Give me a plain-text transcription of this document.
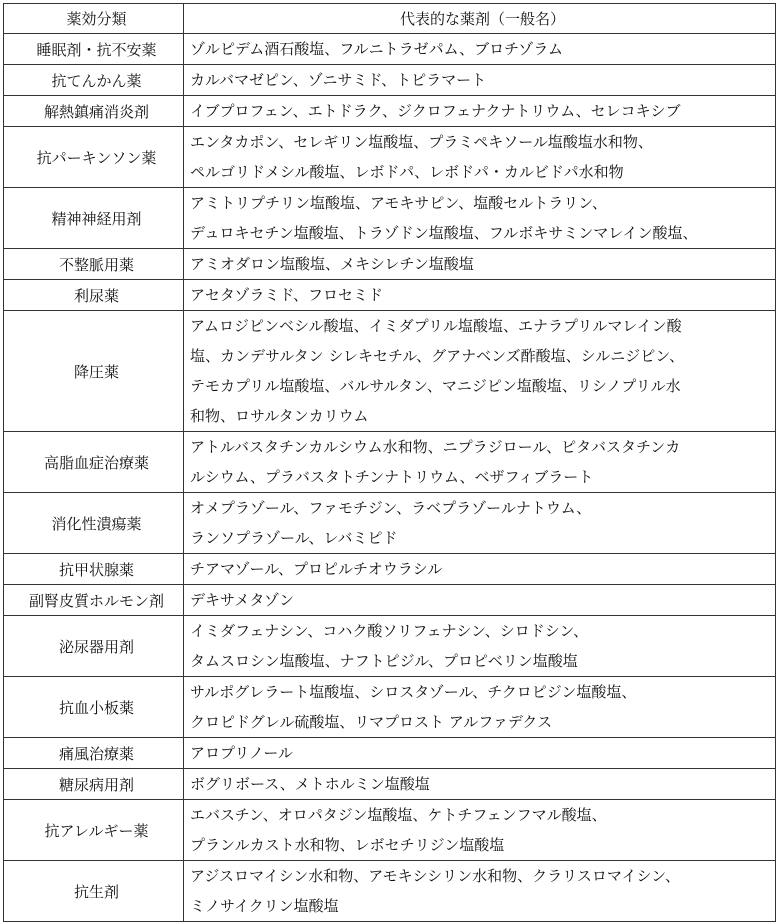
薬効分類	代表的な薬剤（一般名）
睡眠剤・抗不安薬	ゾルピデム酒石酸塩、フルニトラゼパム、ブロチゾラム

抗てんかん薬	カルバマゼピン、ゾニサミド、トピラマート

解熱鎮痛消炎剤	イブプロフェン、エトドラク、ジクロフェナクナトリウム、セレコキシブ

抗パーキンソン薬	エンタカポン、セレギリン塩酸塩、プラミペキソール塩酸塩水和物、
ペルゴリドメシル酸塩、レボドパ、レボドパ・カルビドパ水和物

精神神経用剤	アミトリプチリン塩酸塩、アモキサピン、塩酸セルトラリン、
デュロキセチン塩酸塩、トラゾドン塩酸塩、フルボキサミンマレイン酸塩、

不整脈用薬	アミオダロン塩酸塩、メキシレチン塩酸塩

利尿薬	アセタゾラミド、フロセミド

降圧薬	アムロジピンベシル酸塩、イミダプリル塩酸塩、エナラプリルマレイン酸
塩、カンデサルタン シレキセチル、グアナベンズ酢酸塩、シルニジピン、
テモカプリル塩酸塩、バルサルタン、マニジピン塩酸塩、リシノプリル水
和物、ロサルタンカリウム

高脂血症治療薬	アトルバスタチンカルシウム水和物、ニプラジロール、ピタバスタチンカ
ルシウム、プラバスタトチンナトリウム、ベザフィブラート

消化性潰瘍薬	オメプラゾール、ファモチジン、ラベプラゾールナトウム、
ランソプラゾール、レバミピド

抗甲状腺薬	チアマゾール、プロピルチオウラシル

副腎皮質ホルモン剤	デキサメタゾン

泌尿器用剤	イミダフェナシン、コハク酸ソリフェナシン、シロドシン、
タムスロシン塩酸塩、ナフトピジル、プロピベリン塩酸塩

抗血小板薬	サルポグレラート塩酸塩、シロスタゾール、チクロピジン塩酸塩、
クロピドグレル硫酸塩、リマプロスト アルファデクス

痛風治療薬	アロプリノール

糖尿病用剤	ボグリボース、メトホルミン塩酸塩

抗アレルギー薬	エバスチン、オロパタジン塩酸塩、ケトチフェンフマル酸塩、
プランルカスト水和物、レボセチリジン塩酸塩

抗生剤	アジスロマイシン水和物、アモキシシリン水和物、クラリスロマイシン、
ミノサイクリン塩酸塩
